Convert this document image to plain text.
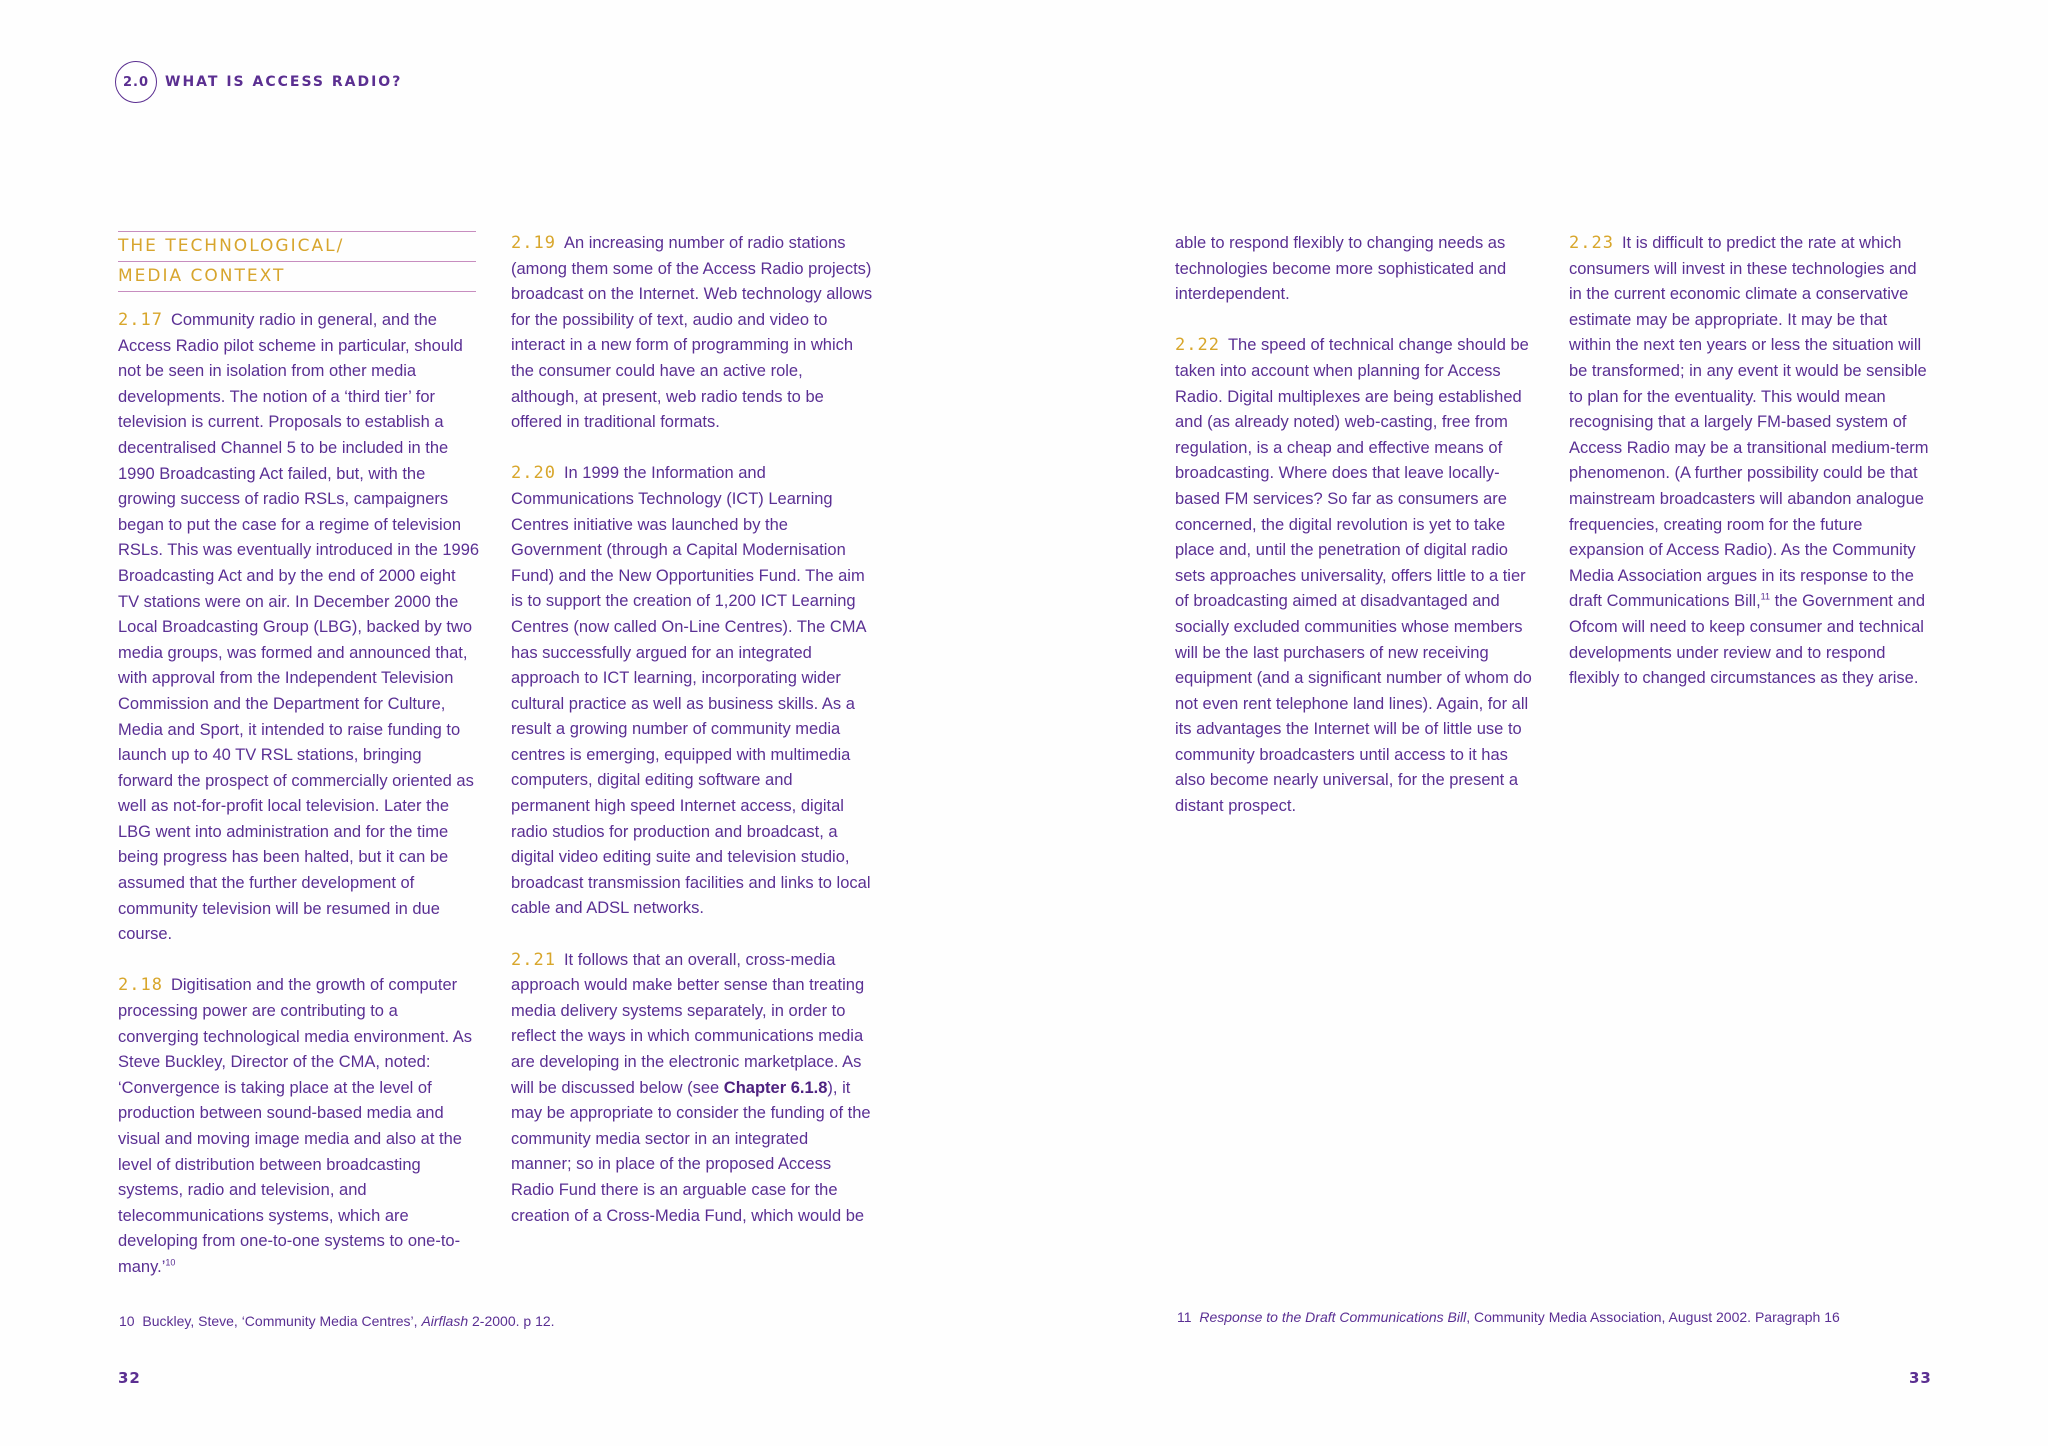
2.0	WHAT IS ACCESS RADIO?
THE TECHNOLOGICAL/
MEDIA CONTEXT

2.17 Community radio in general, and the Access Radio pilot scheme in particular, should not be seen in isolation from other media developments. The notion of a ‘third tier’ for television is current. Proposals to establish a decentralised Channel 5 to be included in the 1990 Broadcasting Act failed, but, with the growing success of radio RSLs, campaigners began to put the case for a regime of television RSLs. This was eventually introduced in the 1996 Broadcasting Act and by the end of 2000 eight TV stations were on air. In December 2000 the Local Broadcasting Group (LBG), backed by two media groups, was formed and announced that, with approval from the Independent Television Commission and the Department for Culture, Media and Sport, it intended to raise funding to launch up to 40 TV RSL stations, bringing forward the prospect of commercially oriented as well as not-for-profit local television. Later the LBG went into administration and for the time being progress has been halted, but it can be assumed that the further development of community television will be resumed in due course.

2.18 Digitisation and the growth of computer processing power are contributing to a converging technological media environment. As Steve Buckley, Director of the CMA, noted: ‘Convergence is taking place at the level of production between sound-based media and visual and moving image media and also at the level of distribution between broadcasting systems, radio and television, and telecommunications systems, which are developing from one-to-one systems to one-to-many.’$^{10}$

2.19 An increasing number of radio stations (among them some of the Access Radio projects) broadcast on the Internet. Web technology allows for the possibility of text, audio and video to interact in a new form of programming in which the consumer could have an active role, although, at present, web radio tends to be offered in traditional formats.

2.20 In 1999 the Information and Communications Technology (ICT) Learning Centres initiative was launched by the Government (through a Capital Modernisation Fund) and the New Opportunities Fund. The aim is to support the creation of 1,200 ICT Learning Centres (now called On-Line Centres). The CMA has successfully argued for an integrated approach to ICT learning, incorporating wider cultural practice as well as business skills. As a result a growing number of community media centres is emerging, equipped with multimedia computers, digital editing software and permanent high speed Internet access, digital radio studios for production and broadcast, a digital video editing suite and television studio, broadcast transmission facilities and links to local cable and ADSL networks.

2.21 It follows that an overall, cross-media approach would make better sense than treating media delivery systems separately, in order to reflect the ways in which communications media are developing in the electronic marketplace. As will be discussed below (see Chapter 6.1.8), it may be appropriate to consider the funding of the community media sector in an integrated manner; so in place of the proposed Access Radio Fund there is an arguable case for the creation of a Cross-Media Fund, which would be

10 Buckley, Steve, ‘Community Media Centres’, Airflash 2-2000. p 12.
32

able to respond flexibly to changing needs as technologies become more sophisticated and interdependent.

2.22 The speed of technical change should be taken into account when planning for Access Radio. Digital multiplexes are being established and (as already noted) web-casting, free from regulation, is a cheap and effective means of broadcasting. Where does that leave locally-based FM services? So far as consumers are concerned, the digital revolution is yet to take place and, until the penetration of digital radio sets approaches universality, offers little to a tier of broadcasting aimed at disadvantaged and socially excluded communities whose members will be the last purchasers of new receiving equipment (and a significant number of whom do not even rent telephone land lines). Again, for all its advantages the Internet will be of little use to community broadcasters until access to it has also become nearly universal, for the present a distant prospect.

2.23 It is difficult to predict the rate at which consumers will invest in these technologies and in the current economic climate a conservative estimate may be appropriate. It may be that within the next ten years or less the situation will be transformed; in any event it would be sensible to plan for the eventuality. This would mean recognising that a largely FM-based system of Access Radio may be a transitional medium-term phenomenon. (A further possibility could be that mainstream broadcasters will abandon analogue frequencies, creating room for the future expansion of Access Radio). As the Community Media Association argues in its response to the draft Communications Bill,$^{11}$ the Government and Ofcom will need to keep consumer and technical developments under review and to respond flexibly to changed circumstances as they arise.

11 Response to the Draft Communications Bill, Community Media Association, August 2002. Paragraph 16
33
